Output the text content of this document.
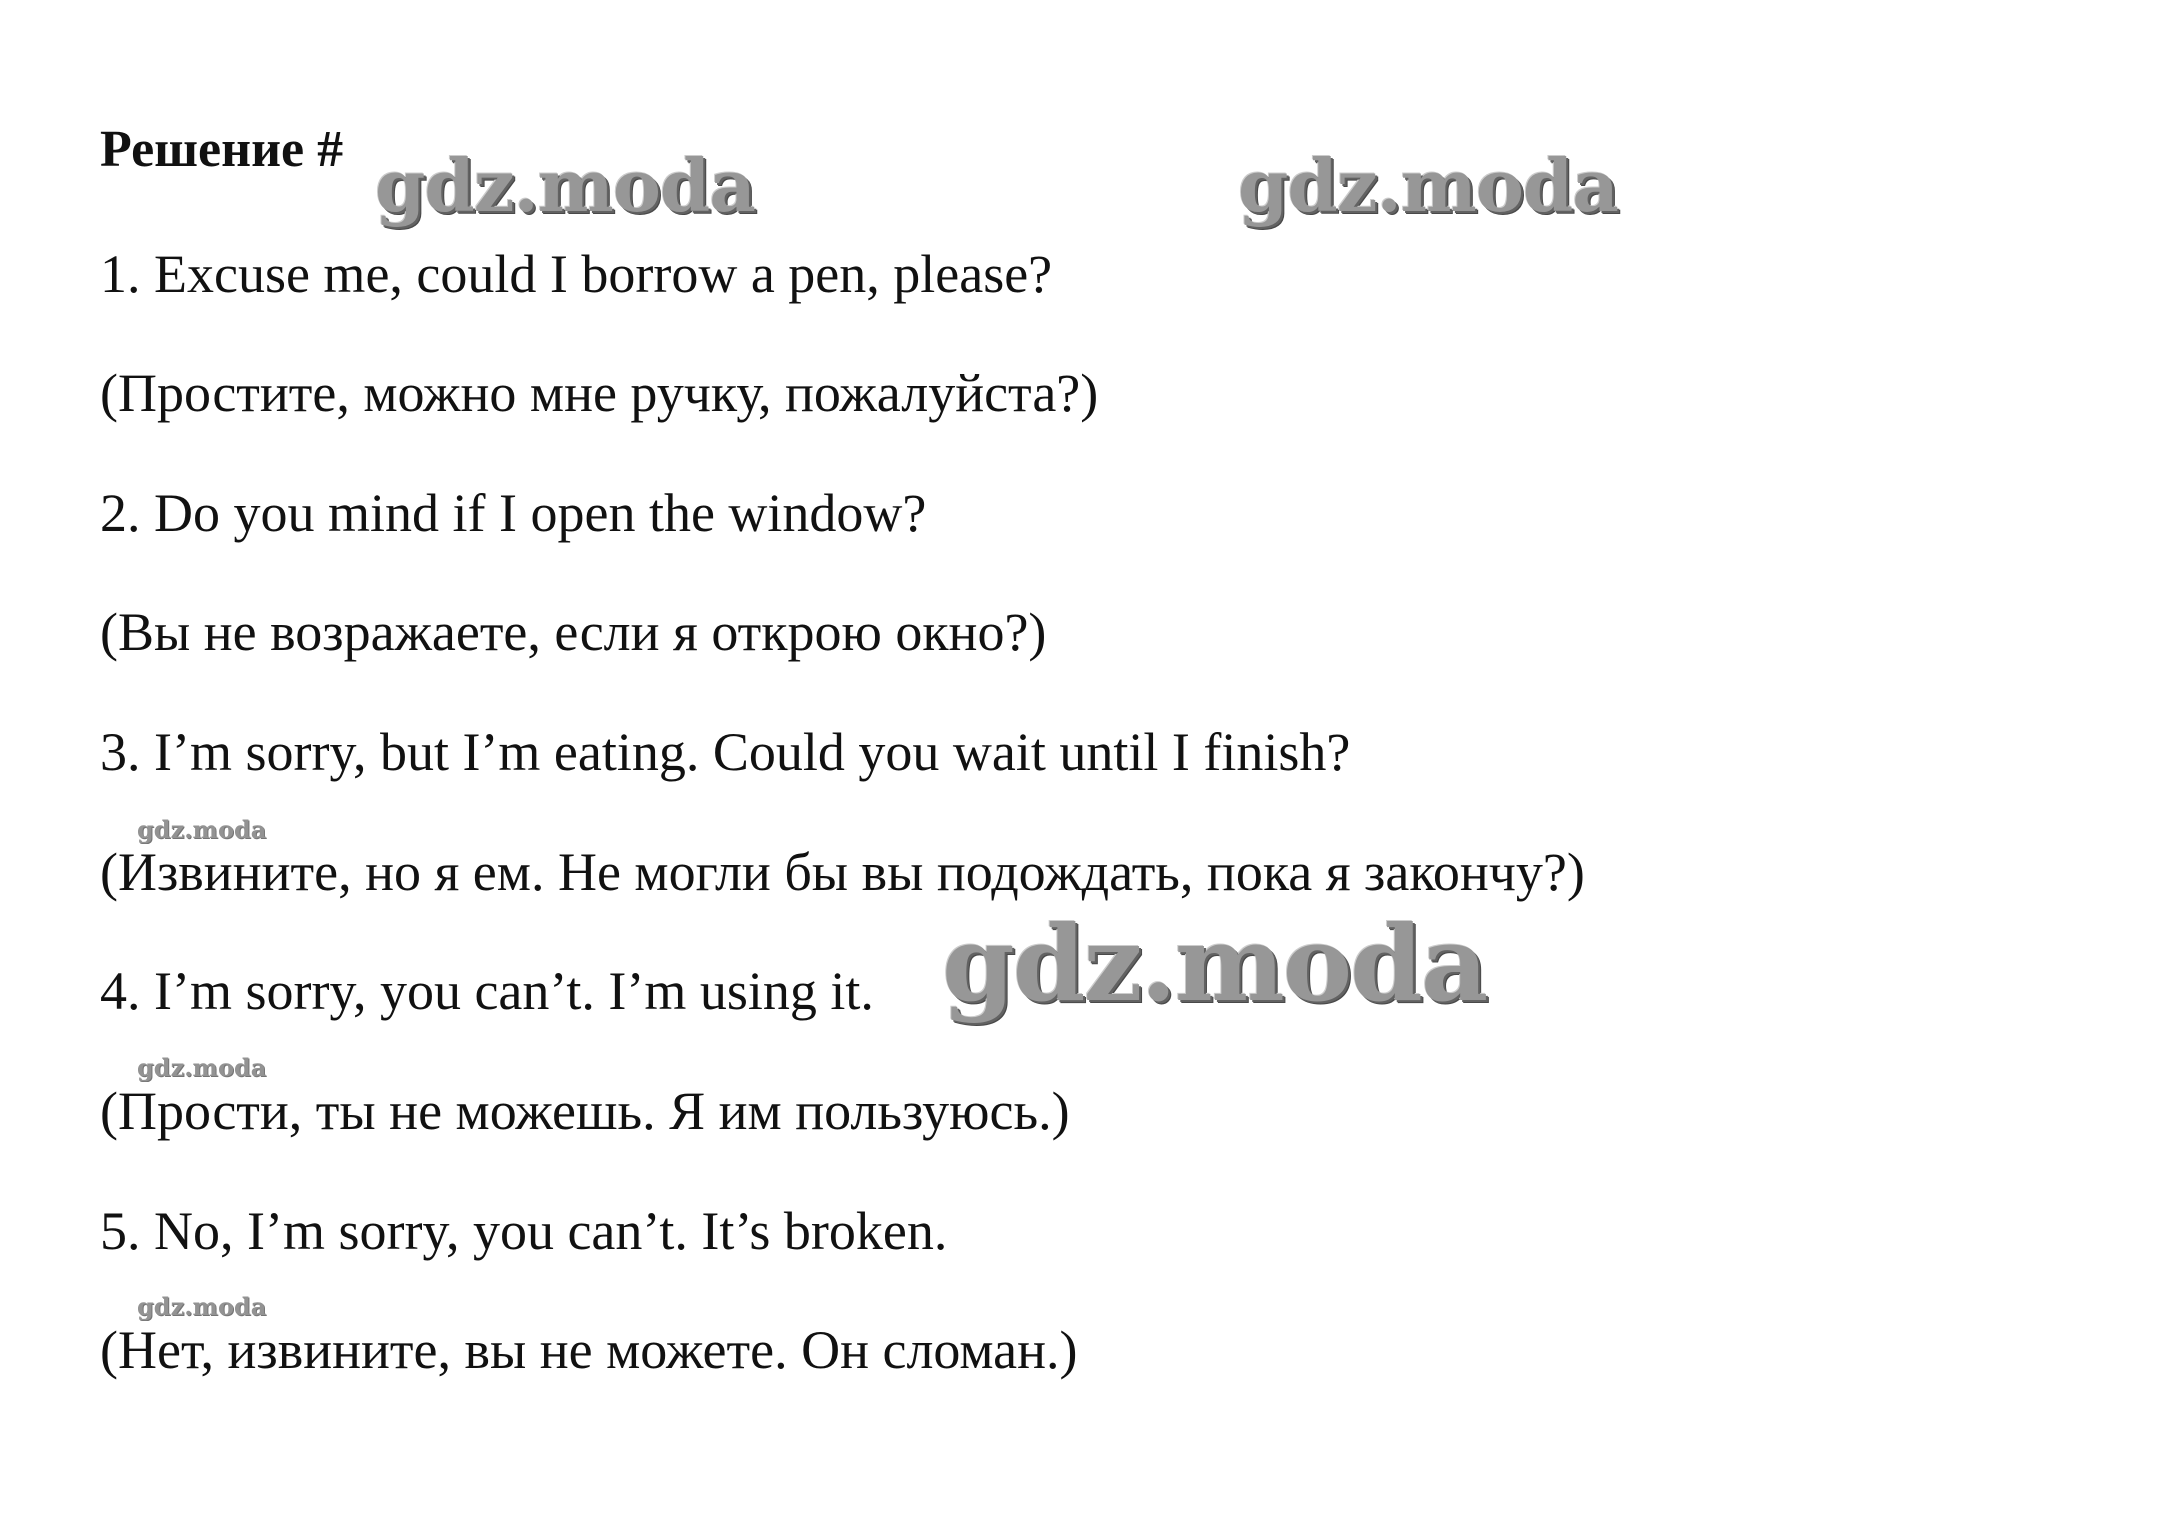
Решение # gdz.moda	gdz.moda
1. Excuse me, could I borrow a pen, please?
(Простите, можно мне ручку, пожалуйста?)
2. Do you mind if I open the window?
(Вы не возражаете, если я открою окно?)
3. I’m sorry, but I’m eating. Could you wait until I finish?
gdz.moda
(Извините, но я ем. Не могли бы вы подождать, пока я закончу?)
4. I’m sorry, you can’t. I’m using it. gdz.moda
gdz.moda
(Прости, ты не можешь. Я им пользуюсь.)
5. No, I’m sorry, you can’t. It’s broken.
gdz.moda
(Нет, извините, вы не можете. Он сломан.)
